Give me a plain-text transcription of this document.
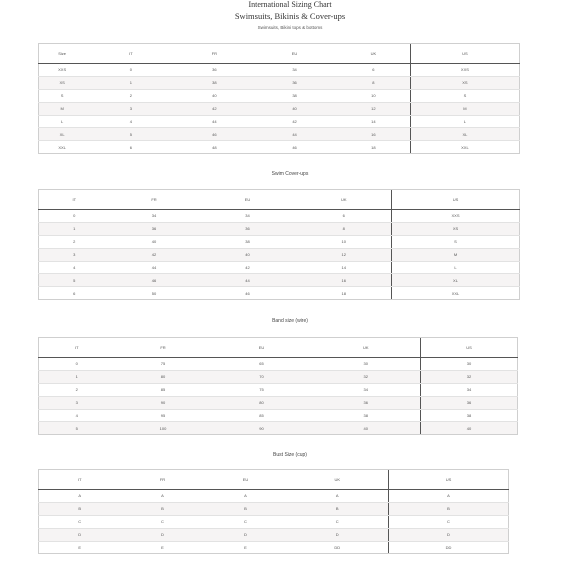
International Sizing Chart
Swimsuits, Bikinis & Cover-ups
Swimsuits, Bikini tops & bottoms
Swim Cover-ups
Band size (wire)
Bust Size (cup)
Size	IT	FR	EU	UK	US
XXS	0	36	34	6	XXS
XS	1	38	36	8	XS
S	2	40	38	10	S
M	3	42	40	12	M
L	4	44	42	14	L
XL	5	46	44	16	XL
XXL	6	48	46	18	XXL
IT	FR	EU	UK	US
0	34	34	6	XXS
1	36	36	8	XS
2	40	38	10	S
3	42	40	12	M
4	44	42	14	L
5	46	44	16	XL
6	50	46	18	XXL
IT	FR	EU	UK	US
0	75	65	30	30
1	80	70	32	32
2	85	75	34	34
3	90	80	36	36
4	95	85	38	38
5	100	90	40	40
IT	FR	EU	UK	US
A	A	A	A	A
B	B	B	B	B
C	C	C	C	C
D	D	D	D	D
E	E	E	DD	DD
